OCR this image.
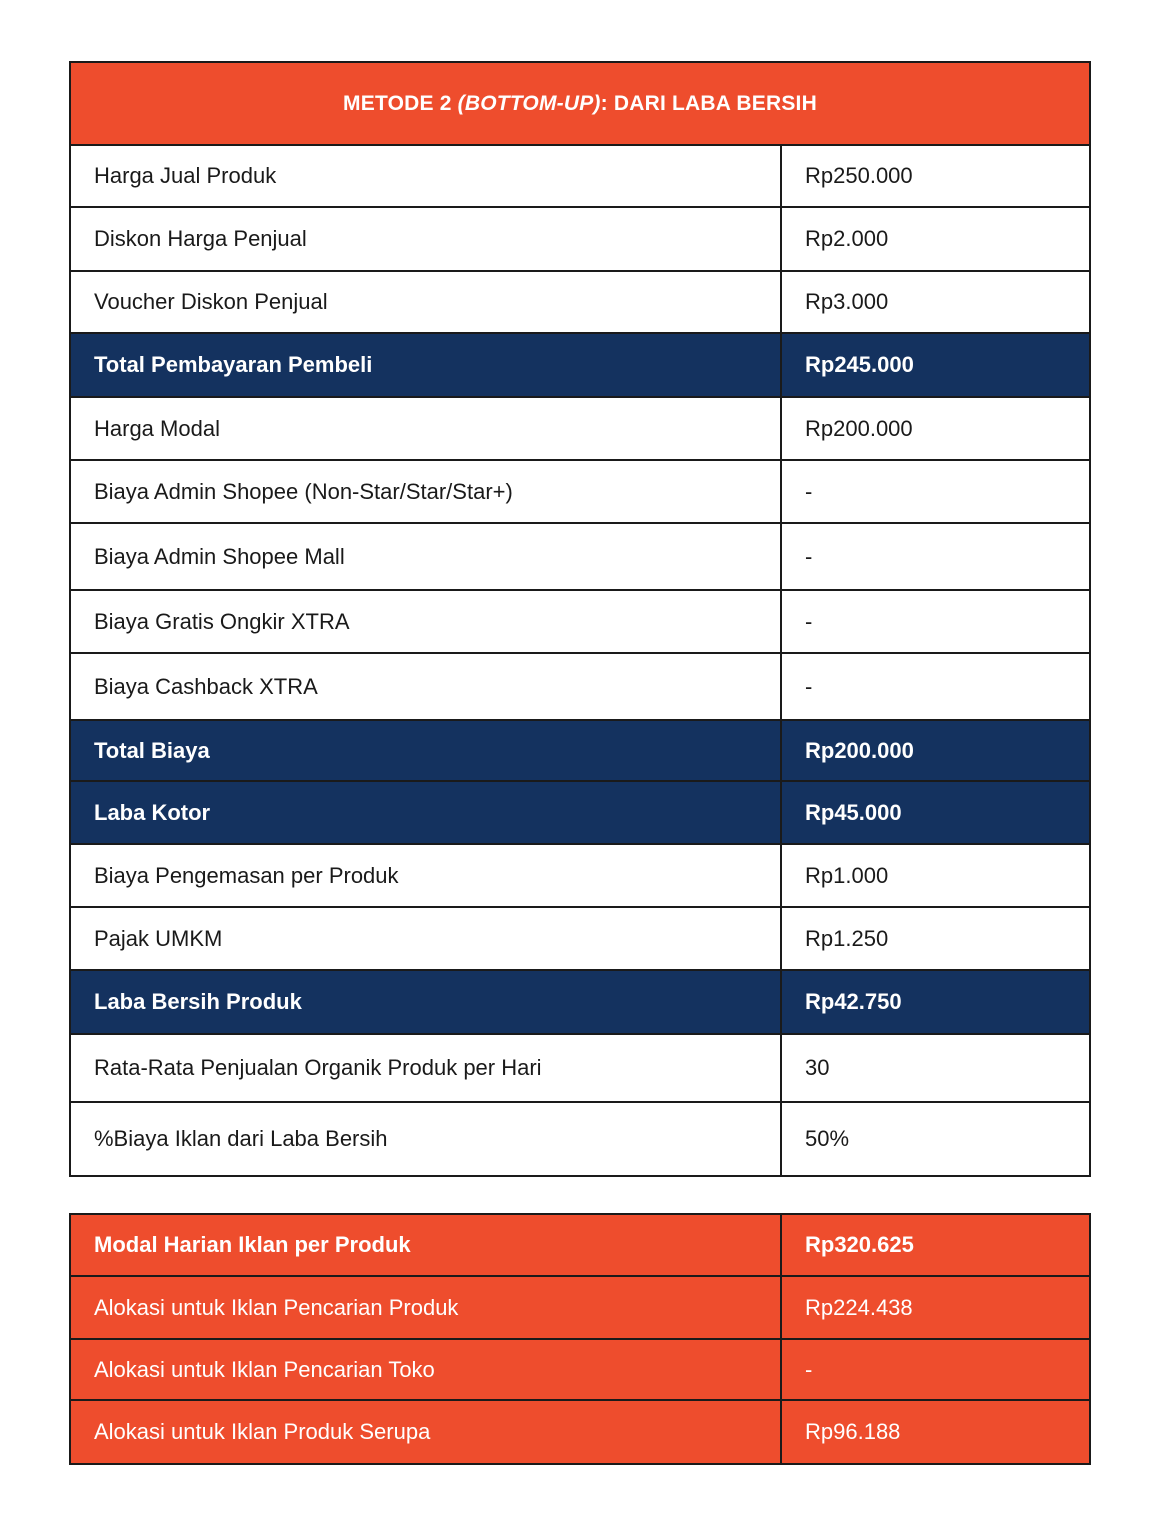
METODE 2 (BOTTOM-UP): DARI LABA BERSIH	
Harga Jual Produk	Rp250.000
Diskon Harga Penjual	Rp2.000
Voucher Diskon Penjual	Rp3.000
Total Pembayaran Pembeli	Rp245.000
Harga Modal	Rp200.000
Biaya Admin Shopee (Non-Star/Star/Star+)	-
Biaya Admin Shopee Mall	-
Biaya Gratis Ongkir XTRA	-
Biaya Cashback XTRA	-
Total Biaya	Rp200.000
Laba Kotor	Rp45.000
Biaya Pengemasan per Produk	Rp1.000
Pajak UMKM	Rp1.250
Laba Bersih Produk	Rp42.750
Rata-Rata Penjualan Organik Produk per Hari	30
%Biaya Iklan dari Laba Bersih	50%
Modal Harian Iklan per Produk	Rp320.625
Alokasi untuk Iklan Pencarian Produk	Rp224.438
Alokasi untuk Iklan Pencarian Toko	-
Alokasi untuk Iklan Produk Serupa	Rp96.188
